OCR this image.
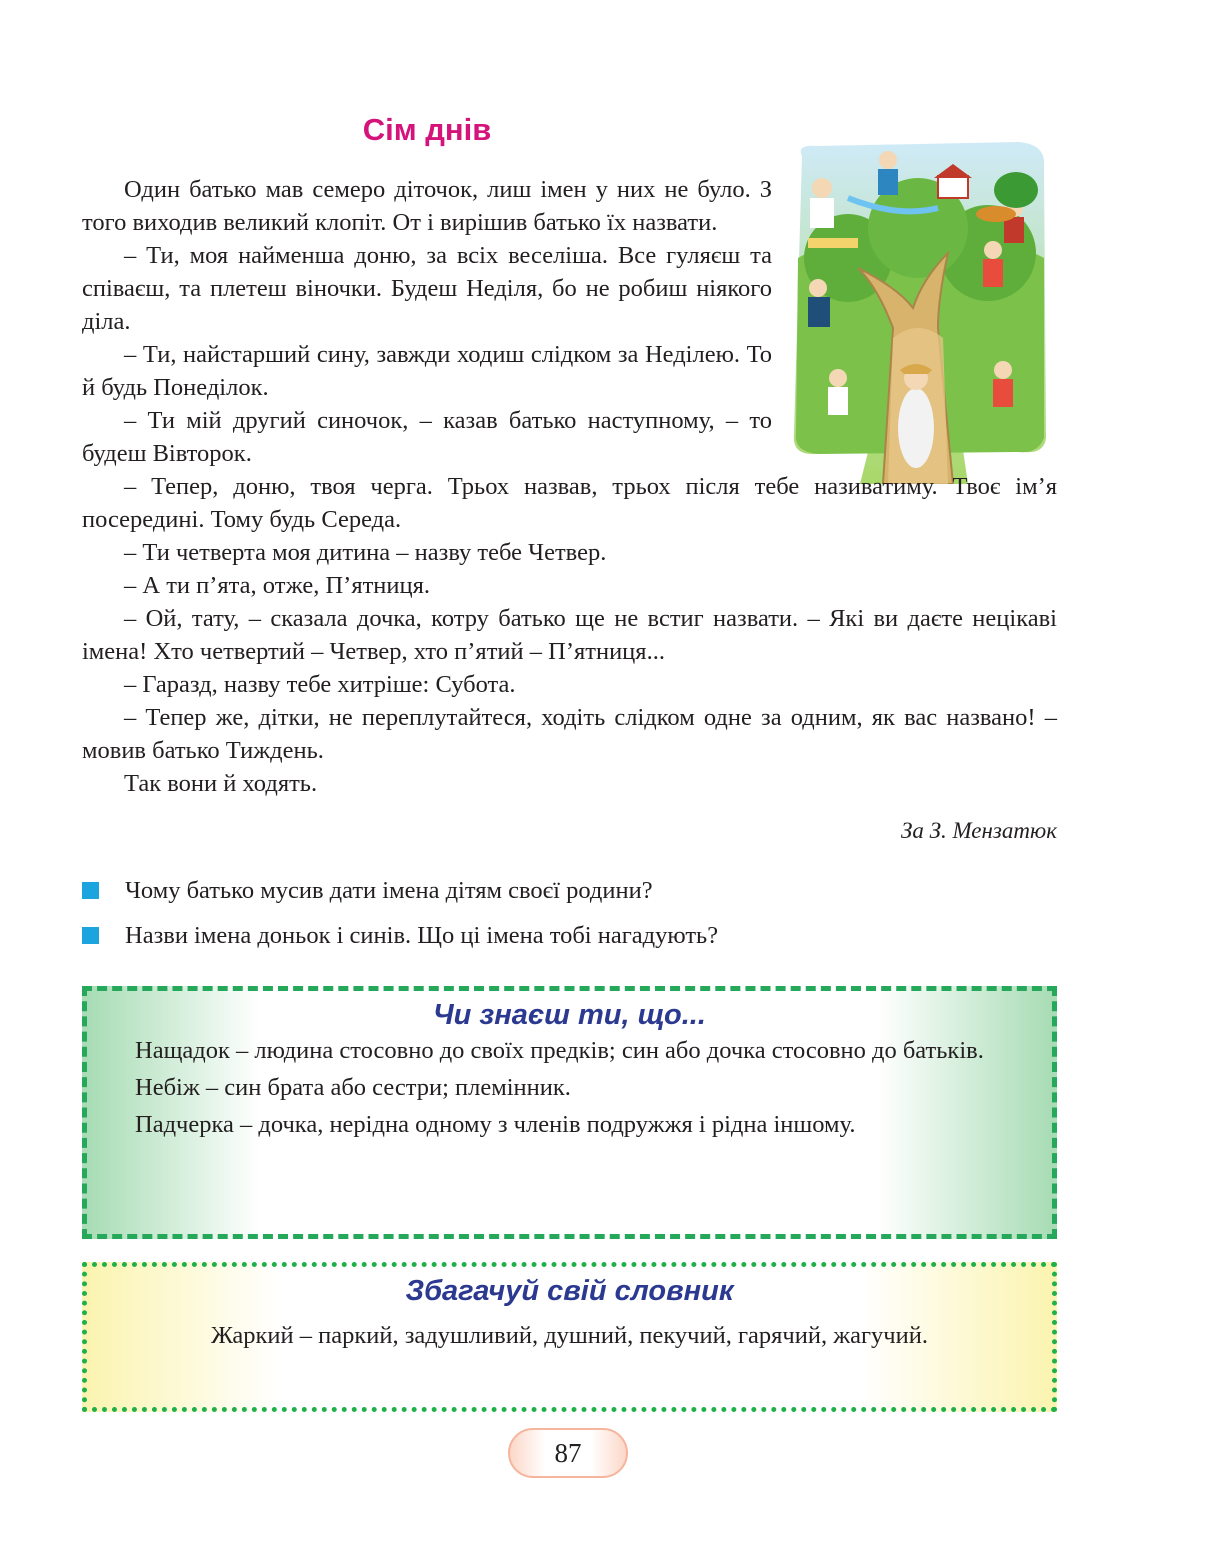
Сім днів

Один батько мав семеро діточок, лиш імен у них не було. З того виходив великий клопіт. От і вирішив батько їх назвати.

– Ти, моя найменша доню, за всіх веселіша. Все гуляєш та співаєш, та плетеш віночки. Будеш Неділя, бо не робиш ніякого діла.

– Ти, найстарший сину, завжди ходиш слідком за Неділею. То й будь Понеділок.

– Ти мій другий синочок, – казав батько наступному, – то будеш Вівторок.

– Тепер, доню, твоя черга. Трьох назвав, трьох після тебе називатиму. Твоє ім’я посередині. Тому будь Середа.

– Ти четверта моя дитина – назву тебе Четвер.

– А ти п’ята, отже, П’ятниця.

– Ой, тату, – сказала дочка, котру батько ще не встиг назвати. – Які ви даєте нецікаві імена! Хто четвертий – Четвер, хто п’ятий – П’ятниця...

– Гаразд, назву тебе хитріше: Субота.

– Тепер же, дітки, не переплутайтеся, ходіть слідком одне за одним, як вас названо! – мовив батько Тиждень.

Так вони й ходять.

За З. Мензатюк
Чому батько мусив дати імена дітям своєї родини?
Назви імена доньок і синів. Що ці імена тобі нагадують?
Чи знаєш ти, що...

Нащадок – людина стосовно до своїх предків; син або дочка стосовно до батьків.

Небіж – син брата або сестри; племінник.

Падчерка – дочка, нерідна одному з членів подружжя і рідна іншому.

Збагачуй свій словник
Жаркий – паркий, задушливий, душний, пекучий, гарячий, жагучий.
87
